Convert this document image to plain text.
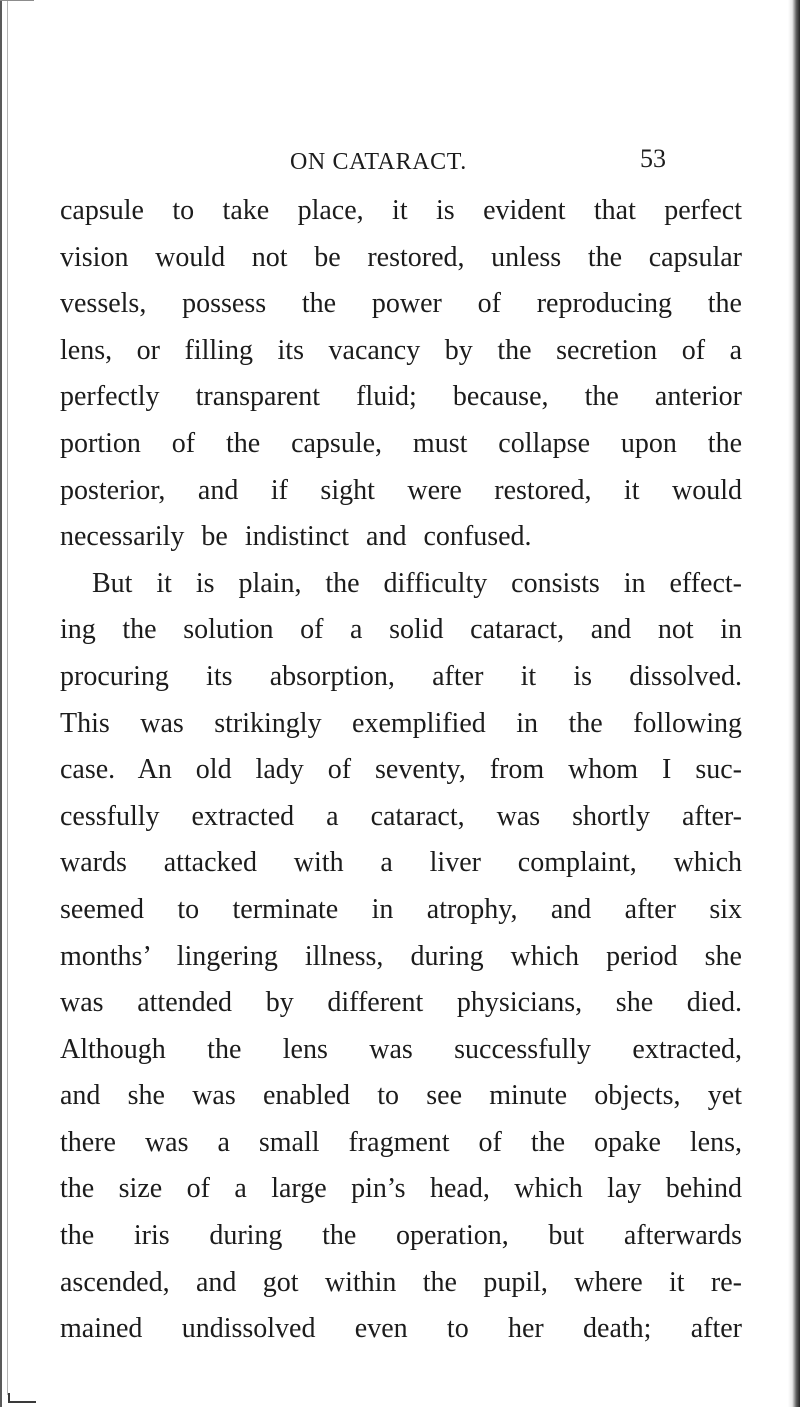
ON CATARACT.	53
capsule to take place, it is evident that perfect
vision would not be restored, unless the capsular
vessels, possess the power of reproducing the
lens, or filling its vacancy by the secretion of a
perfectly transparent fluid; because, the anterior
portion of the capsule, must collapse upon the
posterior, and if sight were restored, it would
necessarily be indistinct and confused.
But it is plain, the difficulty consists in effect-
ing the solution of a solid cataract, and not in
procuring its absorption, after it is dissolved.
This was strikingly exemplified in the following
case. An old lady of seventy, from whom I suc-
cessfully extracted a cataract, was shortly after-
wards attacked with a liver complaint, which
seemed to terminate in atrophy, and after six
months’ lingering illness, during which period she
was attended by different physicians, she died.
Although the lens was successfully extracted,
and she was enabled to see minute objects, yet
there was a small fragment of the opake lens,
the size of a large pin’s head, which lay behind
the iris during the operation, but afterwards
ascended, and got within the pupil, where it re-
mained undissolved even to her death; after
